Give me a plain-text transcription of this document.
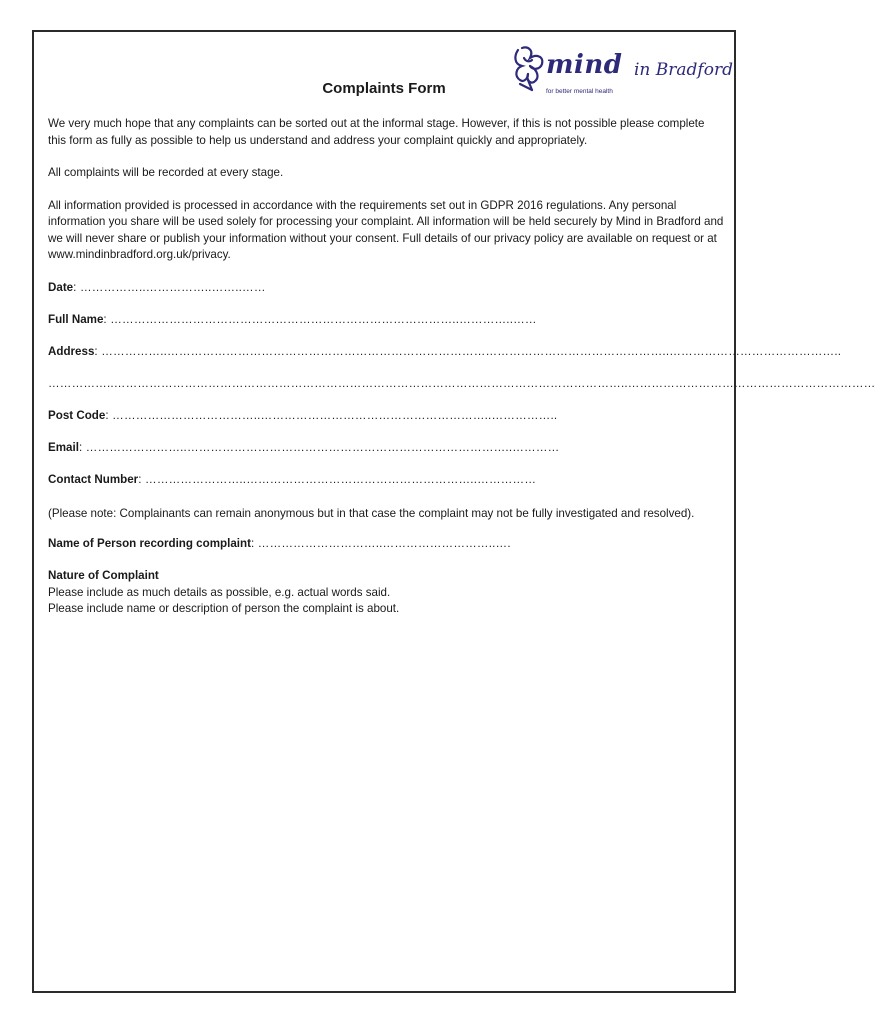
mind in Bradford
for better mental health
Complaints Form

We very much hope that any complaints can be sorted out at the informal stage. However, if this is not possible please complete this form as fully as possible to help us understand and address your complaint quickly and appropriately.

All complaints will be recorded at every stage.

All information provided is processed in accordance with the requirements set out in GDPR 2016 regulations. Any personal information you share will be used solely for processing your complaint. All information will be held securely by Mind in Bradford and we will never share or publish your information without your consent. Full details of our privacy policy are available on request or at www.mindinbradford.org.uk/privacy.

Date: ……………..……………..……..……

Full Name: ……………………………………………………………………………..…………..……

Address: ……………..………………………………………………………………………………………………………………..……………………………………..

……………..…………………………………………………………………………………………………………………..………………………………………………………

Post Code: ………………………………..…………………………………………………..……………..

Email: ……………………..………………………………………………………………………..…………

Contact Number: ……………………..…………………………………………………..……………

(Please note: Complainants can remain anonymous but in that case the complaint may not be fully investigated and resolved).

Name of Person recording complaint: …………………………..………………………..….

Nature of Complaint

Please include as much details as possible, e.g. actual words said.

Please include name or description of person the complaint is about.
